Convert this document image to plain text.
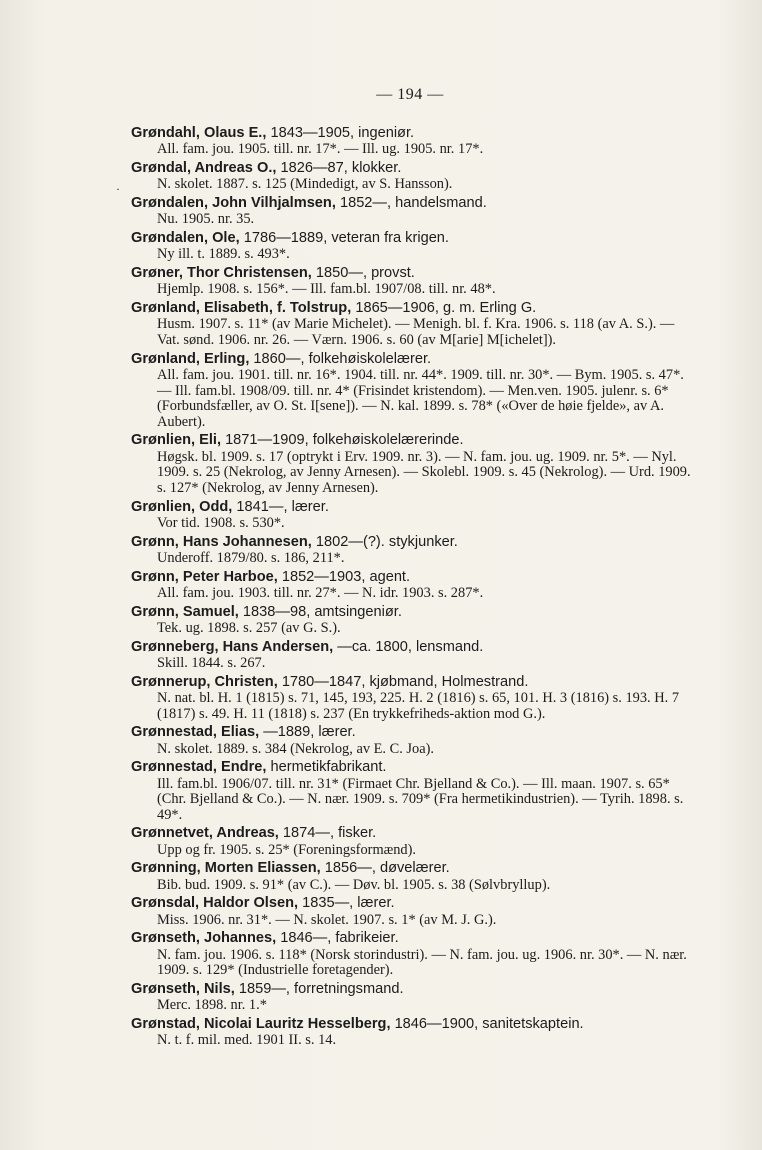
— 194 —
·
Grøndahl, Olaus E., 1843—1905, ingeniør.
All. fam. jou. 1905. till. nr. 17*. — Ill. ug. 1905. nr. 17*.
Grøndal, Andreas O., 1826—87, klokker.
N. skolet. 1887. s. 125 (Mindedigt, av S. Hansson).
Grøndalen, John Vilhjalmsen, 1852—, handelsmand.
Nu. 1905. nr. 35.
Grøndalen, Ole, 1786—1889, veteran fra krigen.
Ny ill. t. 1889. s. 493*.
Grøner, Thor Christensen, 1850—, provst.
Hjemlp. 1908. s. 156*. — Ill. fam.bl. 1907/08. till. nr. 48*.
Grønland, Elisabeth, f. Tolstrup, 1865—1906, g. m. Erling G.
Husm. 1907. s. 11* (av Marie Michelet). — Menigh. bl. f. Kra. 1906. s. 118 (av A. S.). — Vat. sønd. 1906. nr. 26. — Værn. 1906. s. 60 (av M[arie] M[ichelet]).
Grønland, Erling, 1860—, folkehøiskolelærer.
All. fam. jou. 1901. till. nr. 16*. 1904. till. nr. 44*. 1909. till. nr. 30*. — Bym. 1905. s. 47*. — Ill. fam.bl. 1908/09. till. nr. 4* (Frisindet kristendom). — Men.ven. 1905. julenr. s. 6* (Forbundsfæller, av O. St. I[sene]). — N. kal. 1899. s. 78* («Over de høie fjelde», av A. Aubert).
Grønlien, Eli, 1871—1909, folkehøiskolelærerinde.
Høgsk. bl. 1909. s. 17 (optrykt i Erv. 1909. nr. 3). — N. fam. jou. ug. 1909. nr. 5*. — Nyl. 1909. s. 25 (Nekrolog, av Jenny Arnesen). — Skolebl. 1909. s. 45 (Nekrolog). — Urd. 1909. s. 127* (Nekrolog, av Jenny Arnesen).
Grønlien, Odd, 1841—, lærer.
Vor tid. 1908. s. 530*.
Grønn, Hans Johannesen, 1802—(?). stykjunker.
Underoff. 1879/80. s. 186, 211*.
Grønn, Peter Harboe, 1852—1903, agent.
All. fam. jou. 1903. till. nr. 27*. — N. idr. 1903. s. 287*.
Grønn, Samuel, 1838—98, amtsingeniør.
Tek. ug. 1898. s. 257 (av G. S.).
Grønneberg, Hans Andersen, —ca. 1800, lensmand.
Skill. 1844. s. 267.
Grønnerup, Christen, 1780—1847, kjøbmand, Holmestrand.
N. nat. bl. H. 1 (1815) s. 71, 145, 193, 225. H. 2 (1816) s. 65, 101. H. 3 (1816) s. 193. H. 7 (1817) s. 49. H. 11 (1818) s. 237 (En trykkefriheds-aktion mod G.).
Grønnestad, Elias, —1889, lærer.
N. skolet. 1889. s. 384 (Nekrolog, av E. C. Joa).
Grønnestad, Endre, hermetikfabrikant.
Ill. fam.bl. 1906/07. till. nr. 31* (Firmaet Chr. Bjelland & Co.). — Ill. maan. 1907. s. 65* (Chr. Bjelland & Co.). — N. nær. 1909. s. 709* (Fra hermetikindustrien). — Tyrih. 1898. s. 49*.
Grønnetvet, Andreas, 1874—, fisker.
Upp og fr. 1905. s. 25* (Foreningsformænd).
Grønning, Morten Eliassen, 1856—, døvelærer.
Bib. bud. 1909. s. 91* (av C.). — Døv. bl. 1905. s. 38 (Sølvbryllup).
Grønsdal, Haldor Olsen, 1835—, lærer.
Miss. 1906. nr. 31*. — N. skolet. 1907. s. 1* (av M. J. G.).
Grønseth, Johannes, 1846—, fabrikeier.
N. fam. jou. 1906. s. 118* (Norsk storindustri). — N. fam. jou. ug. 1906. nr. 30*. — N. nær. 1909. s. 129* (Industrielle foretagender).
Grønseth, Nils, 1859—, forretningsmand.
Merc. 1898. nr. 1.*
Grønstad, Nicolai Lauritz Hesselberg, 1846—1900, sanitetskaptein.
N. t. f. mil. med. 1901 II. s. 14.
